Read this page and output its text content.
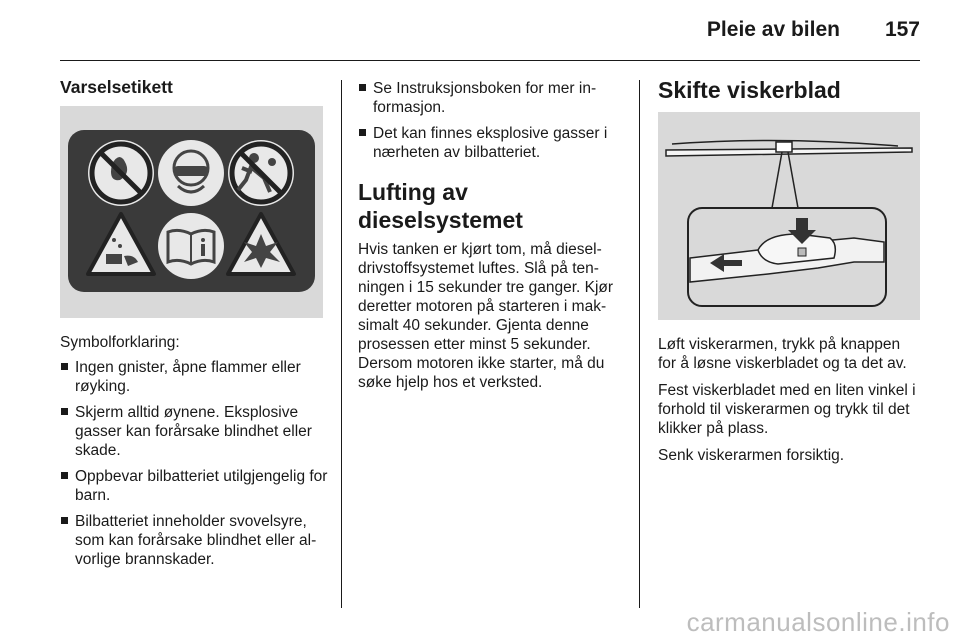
Pleie av bilen 157
Varselsetikett

Symbolforklaring:

Ingen gnister, åpne flammer eller røyking.
Skjerm alltid øynene. Eksplosive gasser kan forårsake blindhet eller skade.
Oppbevar bilbatteriet utilgjengelig for barn.
Bilbatteriet inneholder svovelsyre, som kan forårsake blindhet eller alvorlige brannskader.
Se Instruksjonsboken for mer informasjon.
Det kan finnes eksplosive gasser i nærheten av bilbatteriet.
Lufting av dieselsystemet

Hvis tanken er kjørt tom, må dieseldrivstoffsystemet luftes. Slå på tenningen i 15 sekunder tre ganger. Kjør deretter motoren på starteren i maksimalt 40 sekunder. Gjenta denne prosessen etter minst 5 sekunder. Dersom motoren ikke starter, må du søke hjelp hos et verksted.

Skifte viskerblad

Løft viskerarmen, trykk på knappen for å løsne viskerbladet og ta det av.

Fest viskerbladet med en liten vinkel i forhold til viskerarmen og trykk til det klikker på plass.

Senk viskerarmen forsiktig.

carmanualsonline.info
